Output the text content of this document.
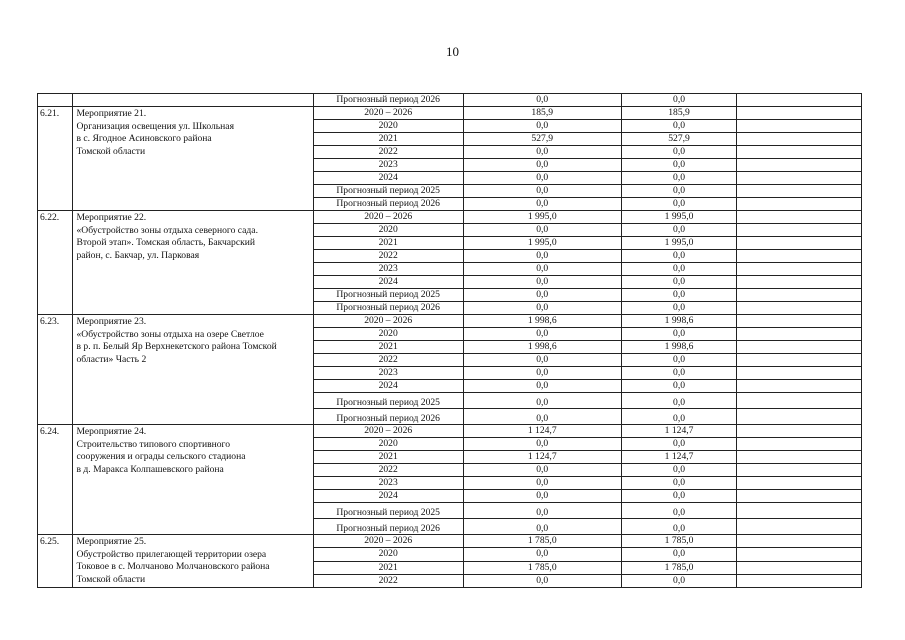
10
		Прогнозный период 2026	0,0	0,0	
6.21.	Мероприятие 21.
Организация освещения ул. Школьная
в с. Ягодное Асиновского района
Томской области	2020 – 2026	185,9	185,9	
		2020	0,0	0,0	
		2021	527,9	527,9	
		2022	0,0	0,0	
		2023	0,0	0,0	
		2024	0,0	0,0	
		Прогнозный период 2025	0,0	0,0	
		Прогнозный период 2026	0,0	0,0	
6.22.	Мероприятие 22.
«Обустройство зоны отдыха северного сада.
Второй этап». Томская область, Бакчарский
район, с. Бакчар, ул. Парковая	2020 – 2026	1 995,0	1 995,0	
		2020	0,0	0,0	
		2021	1 995,0	1 995,0	
		2022	0,0	0,0	
		2023	0,0	0,0	
		2024	0,0	0,0	
		Прогнозный период 2025	0,0	0,0	
		Прогнозный период 2026	0,0	0,0	
6.23.	Мероприятие 23.
«Обустройство зоны отдыха на озере Светлое
в р. п. Белый Яр Верхнекетского района Томской
области» Часть 2	2020 – 2026	1 998,6	1 998,6	
		2020	0,0	0,0	
		2021	1 998,6	1 998,6	
		2022	0,0	0,0	
		2023	0,0	0,0	
		2024	0,0	0,0	
		Прогнозный период 2025	0,0	0,0	
		Прогнозный период 2026	0,0	0,0	
6.24.	Мероприятие 24.
Строительство типового спортивного
сооружения и ограды сельского стадиона
в д. Маракса Колпашевского района	2020 – 2026	1 124,7	1 124,7	
		2020	0,0	0,0	
		2021	1 124,7	1 124,7	
		2022	0,0	0,0	
		2023	0,0	0,0	
		2024	0,0	0,0	
		Прогнозный период 2025	0,0	0,0	
		Прогнозный период 2026	0,0	0,0	
6.25.	Мероприятие 25.
Обустройство прилегающей территории озера
Токовое в с. Молчаново Молчановского района
Томской области	2020 – 2026	1 785,0	1 785,0	
		2020	0,0	0,0	
		2021	1 785,0	1 785,0	
		2022	0,0	0,0	
